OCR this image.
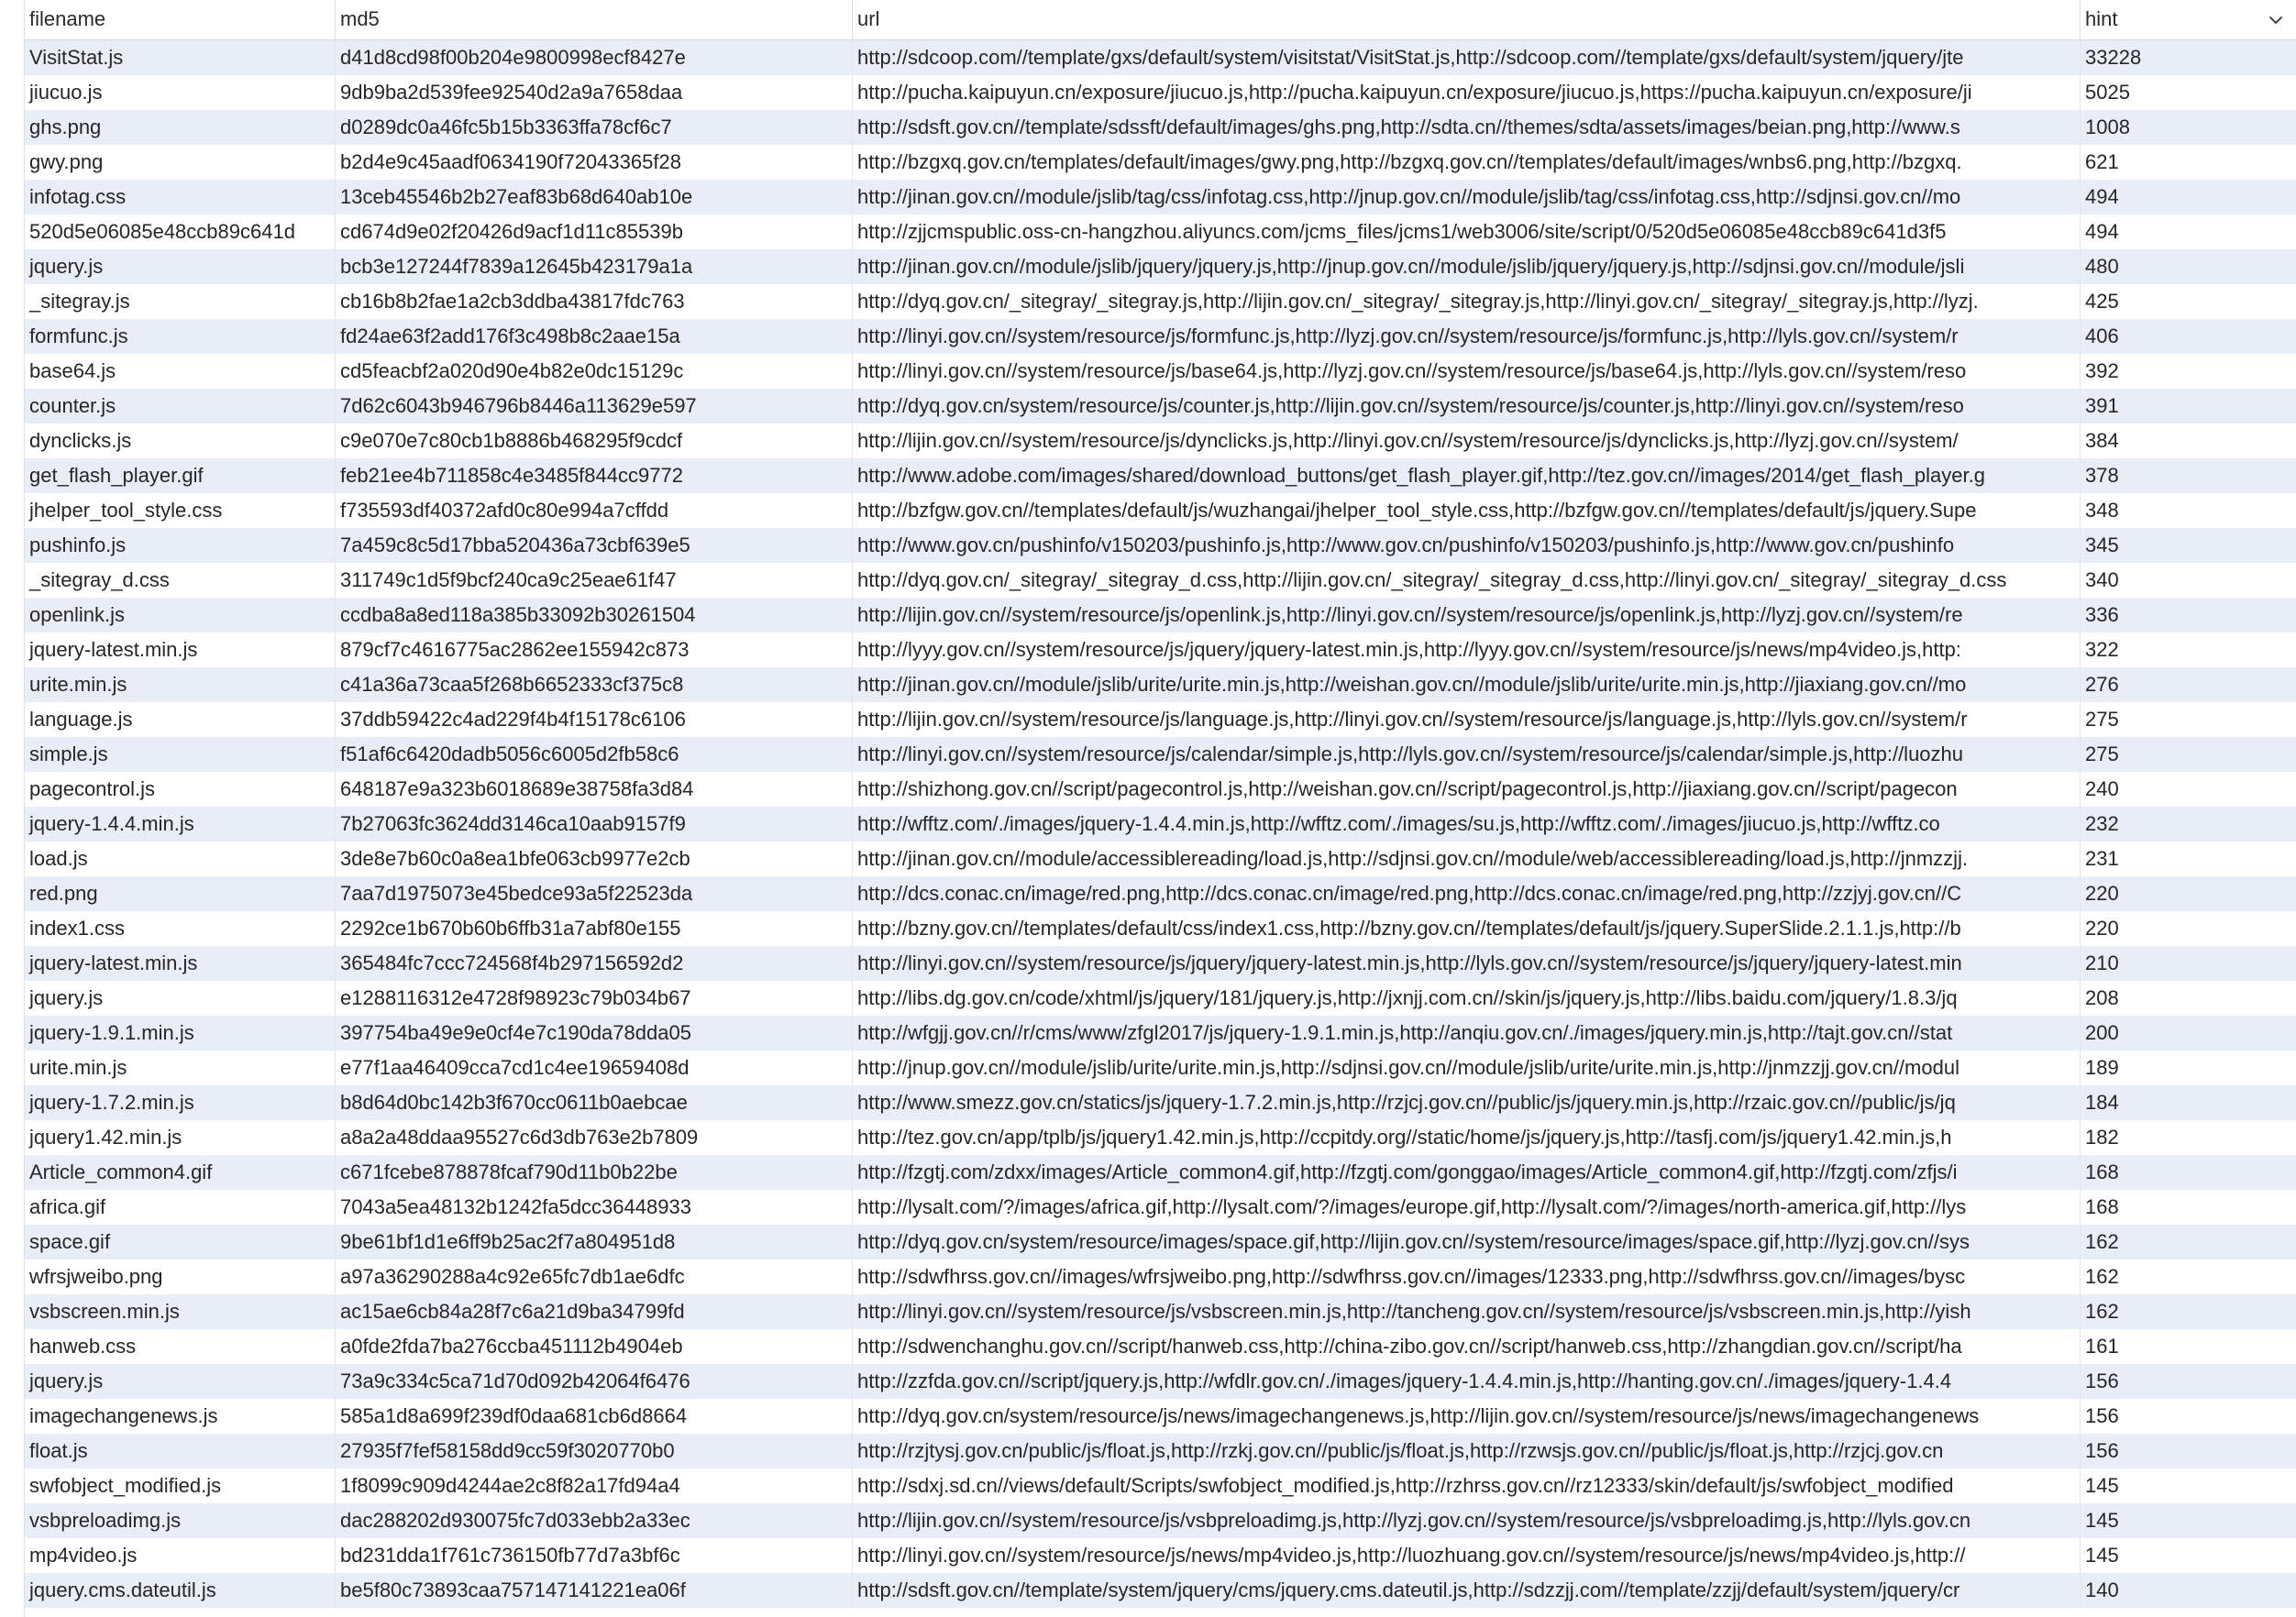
filename	md5	url	hint
VisitStat.js	d41d8cd98f00b204e9800998ecf8427e	http://sdcoop.com//template/gxs/default/system/visitstat/VisitStat.js,http://sdcoop.com//template/gxs/default/system/jquery/jte	33228
jiucuo.js	9db9ba2d539fee92540d2a9a7658daa	http://pucha.kaipuyun.cn/exposure/jiucuo.js,http://pucha.kaipuyun.cn/exposure/jiucuo.js,https://pucha.kaipuyun.cn/exposure/ji	5025
ghs.png	d0289dc0a46fc5b15b3363ffa78cf6c7	http://sdsft.gov.cn//template/sdssft/default/images/ghs.png,http://sdta.cn//themes/sdta/assets/images/beian.png,http://www.s	1008
gwy.png	b2d4e9c45aadf0634190f72043365f28	http://bzgxq.gov.cn/templates/default/images/gwy.png,http://bzgxq.gov.cn//templates/default/images/wnbs6.png,http://bzgxq.	621
infotag.css	13ceb45546b2b27eaf83b68d640ab10e	http://jinan.gov.cn//module/jslib/tag/css/infotag.css,http://jnup.gov.cn//module/jslib/tag/css/infotag.css,http://sdjnsi.gov.cn//mo	494
520d5e06085e48ccb89c641d	cd674d9e02f20426d9acf1d11c85539b	http://zjjcmspublic.oss-cn-hangzhou.aliyuncs.com/jcms_files/jcms1/web3006/site/script/0/520d5e06085e48ccb89c641d3f5	494
jquery.js	bcb3e127244f7839a12645b423179a1a	http://jinan.gov.cn//module/jslib/jquery/jquery.js,http://jnup.gov.cn//module/jslib/jquery/jquery.js,http://sdjnsi.gov.cn//module/jsli	480
_sitegray.js	cb16b8b2fae1a2cb3ddba43817fdc763	http://dyq.gov.cn/_sitegray/_sitegray.js,http://lijin.gov.cn/_sitegray/_sitegray.js,http://linyi.gov.cn/_sitegray/_sitegray.js,http://lyzj.	425
formfunc.js	fd24ae63f2add176f3c498b8c2aae15a	http://linyi.gov.cn//system/resource/js/formfunc.js,http://lyzj.gov.cn//system/resource/js/formfunc.js,http://lyls.gov.cn//system/r	406
base64.js	cd5feacbf2a020d90e4b82e0dc15129c	http://linyi.gov.cn//system/resource/js/base64.js,http://lyzj.gov.cn//system/resource/js/base64.js,http://lyls.gov.cn//system/reso	392
counter.js	7d62c6043b946796b8446a113629e597	http://dyq.gov.cn/system/resource/js/counter.js,http://lijin.gov.cn//system/resource/js/counter.js,http://linyi.gov.cn//system/reso	391
dynclicks.js	c9e070e7c80cb1b8886b468295f9cdcf	http://lijin.gov.cn//system/resource/js/dynclicks.js,http://linyi.gov.cn//system/resource/js/dynclicks.js,http://lyzj.gov.cn//system/	384
get_flash_player.gif	feb21ee4b711858c4e3485f844cc9772	http://www.adobe.com/images/shared/download_buttons/get_flash_player.gif,http://tez.gov.cn//images/2014/get_flash_player.g	378
jhelper_tool_style.css	f735593df40372afd0c80e994a7cffdd	http://bzfgw.gov.cn//templates/default/js/wuzhangai/jhelper_tool_style.css,http://bzfgw.gov.cn//templates/default/js/jquery.Supe	348
pushinfo.js	7a459c8c5d17bba520436a73cbf639e5	http://www.gov.cn/pushinfo/v150203/pushinfo.js,http://www.gov.cn/pushinfo/v150203/pushinfo.js,http://www.gov.cn/pushinfo	345
_sitegray_d.css	311749c1d5f9bcf240ca9c25eae61f47	http://dyq.gov.cn/_sitegray/_sitegray_d.css,http://lijin.gov.cn/_sitegray/_sitegray_d.css,http://linyi.gov.cn/_sitegray/_sitegray_d.css	340
openlink.js	ccdba8a8ed118a385b33092b30261504	http://lijin.gov.cn//system/resource/js/openlink.js,http://linyi.gov.cn//system/resource/js/openlink.js,http://lyzj.gov.cn//system/re	336
jquery-latest.min.js	879cf7c4616775ac2862ee155942c873	http://lyyy.gov.cn//system/resource/js/jquery/jquery-latest.min.js,http://lyyy.gov.cn//system/resource/js/news/mp4video.js,http:	322
urite.min.js	c41a36a73caa5f268b6652333cf375c8	http://jinan.gov.cn//module/jslib/urite/urite.min.js,http://weishan.gov.cn//module/jslib/urite/urite.min.js,http://jiaxiang.gov.cn//mo	276
language.js	37ddb59422c4ad229f4b4f15178c6106	http://lijin.gov.cn//system/resource/js/language.js,http://linyi.gov.cn//system/resource/js/language.js,http://lyls.gov.cn//system/r	275
simple.js	f51af6c6420dadb5056c6005d2fb58c6	http://linyi.gov.cn//system/resource/js/calendar/simple.js,http://lyls.gov.cn//system/resource/js/calendar/simple.js,http://luozhu	275
pagecontrol.js	648187e9a323b6018689e38758fa3d84	http://shizhong.gov.cn//script/pagecontrol.js,http://weishan.gov.cn//script/pagecontrol.js,http://jiaxiang.gov.cn//script/pagecon	240
jquery-1.4.4.min.js	7b27063fc3624dd3146ca10aab9157f9	http://wfftz.com/./images/jquery-1.4.4.min.js,http://wfftz.com/./images/su.js,http://wfftz.com/./images/jiucuo.js,http://wfftz.co	232
load.js	3de8e7b60c0a8ea1bfe063cb9977e2cb	http://jinan.gov.cn//module/accessiblereading/load.js,http://sdjnsi.gov.cn//module/web/accessiblereading/load.js,http://jnmzzjj.	231
red.png	7aa7d1975073e45bedce93a5f22523da	http://dcs.conac.cn/image/red.png,http://dcs.conac.cn/image/red.png,http://dcs.conac.cn/image/red.png,http://zzjyj.gov.cn//C	220
index1.css	2292ce1b670b60b6ffb31a7abf80e155	http://bzny.gov.cn//templates/default/css/index1.css,http://bzny.gov.cn//templates/default/js/jquery.SuperSlide.2.1.1.js,http://b	220
jquery-latest.min.js	365484fc7ccc724568f4b297156592d2	http://linyi.gov.cn//system/resource/js/jquery/jquery-latest.min.js,http://lyls.gov.cn//system/resource/js/jquery/jquery-latest.min	210
jquery.js	e1288116312e4728f98923c79b034b67	http://libs.dg.gov.cn/code/xhtml/js/jquery/181/jquery.js,http://jxnjj.com.cn//skin/js/jquery.js,http://libs.baidu.com/jquery/1.8.3/jq	208
jquery-1.9.1.min.js	397754ba49e9e0cf4e7c190da78dda05	http://wfgjj.gov.cn//r/cms/www/zfgl2017/js/jquery-1.9.1.min.js,http://anqiu.gov.cn/./images/jquery.min.js,http://tajt.gov.cn//stat	200
urite.min.js	e77f1aa46409cca7cd1c4ee19659408d	http://jnup.gov.cn//module/jslib/urite/urite.min.js,http://sdjnsi.gov.cn//module/jslib/urite/urite.min.js,http://jnmzzjj.gov.cn//modul	189
jquery-1.7.2.min.js	b8d64d0bc142b3f670cc0611b0aebcae	http://www.smezz.gov.cn/statics/js/jquery-1.7.2.min.js,http://rzjcj.gov.cn//public/js/jquery.min.js,http://rzaic.gov.cn//public/js/jq	184
jquery1.42.min.js	a8a2a48ddaa95527c6d3db763e2b7809	http://tez.gov.cn/app/tplb/js/jquery1.42.min.js,http://ccpitdy.org//static/home/js/jquery.js,http://tasfj.com/js/jquery1.42.min.js,h	182
Article_common4.gif	c671fcebe878878fcaf790d11b0b22be	http://fzgtj.com/zdxx/images/Article_common4.gif,http://fzgtj.com/gonggao/images/Article_common4.gif,http://fzgtj.com/zfjs/i	168
africa.gif	7043a5ea48132b1242fa5dcc36448933	http://lysalt.com/?/images/africa.gif,http://lysalt.com/?/images/europe.gif,http://lysalt.com/?/images/north-america.gif,http://lys	168
space.gif	9be61bf1d1e6ff9b25ac2f7a804951d8	http://dyq.gov.cn/system/resource/images/space.gif,http://lijin.gov.cn//system/resource/images/space.gif,http://lyzj.gov.cn//sys	162
wfrsjweibo.png	a97a36290288a4c92e65fc7db1ae6dfc	http://sdwfhrss.gov.cn//images/wfrsjweibo.png,http://sdwfhrss.gov.cn//images/12333.png,http://sdwfhrss.gov.cn//images/bysc	162
vsbscreen.min.js	ac15ae6cb84a28f7c6a21d9ba34799fd	http://linyi.gov.cn//system/resource/js/vsbscreen.min.js,http://tancheng.gov.cn//system/resource/js/vsbscreen.min.js,http://yish	162
hanweb.css	a0fde2fda7ba276ccba451112b4904eb	http://sdwenchanghu.gov.cn//script/hanweb.css,http://china-zibo.gov.cn//script/hanweb.css,http://zhangdian.gov.cn//script/ha	161
jquery.js	73a9c334c5ca71d70d092b42064f6476	http://zzfda.gov.cn//script/jquery.js,http://wfdlr.gov.cn/./images/jquery-1.4.4.min.js,http://hanting.gov.cn/./images/jquery-1.4.4	156
imagechangenews.js	585a1d8a699f239df0daa681cb6d8664	http://dyq.gov.cn/system/resource/js/news/imagechangenews.js,http://lijin.gov.cn//system/resource/js/news/imagechangenews	156
float.js	27935f7fef58158dd9cc59f3020770b0	http://rzjtysj.gov.cn/public/js/float.js,http://rzkj.gov.cn//public/js/float.js,http://rzwsjs.gov.cn//public/js/float.js,http://rzjcj.gov.cn	156
swfobject_modified.js	1f8099c909d4244ae2c8f82a17fd94a4	http://sdxj.sd.cn//views/default/Scripts/swfobject_modified.js,http://rzhrss.gov.cn//rz12333/skin/default/js/swfobject_modified	145
vsbpreloadimg.js	dac288202d930075fc7d033ebb2a33ec	http://lijin.gov.cn//system/resource/js/vsbpreloadimg.js,http://lyzj.gov.cn//system/resource/js/vsbpreloadimg.js,http://lyls.gov.cn	145
mp4video.js	bd231dda1f761c736150fb77d7a3bf6c	http://linyi.gov.cn//system/resource/js/news/mp4video.js,http://luozhuang.gov.cn//system/resource/js/news/mp4video.js,http://	145
jquery.cms.dateutil.js	be5f80c73893caa757147141221ea06f	http://sdsft.gov.cn//template/system/jquery/cms/jquery.cms.dateutil.js,http://sdzzjj.com//template/zzjj/default/system/jquery/cr	140
